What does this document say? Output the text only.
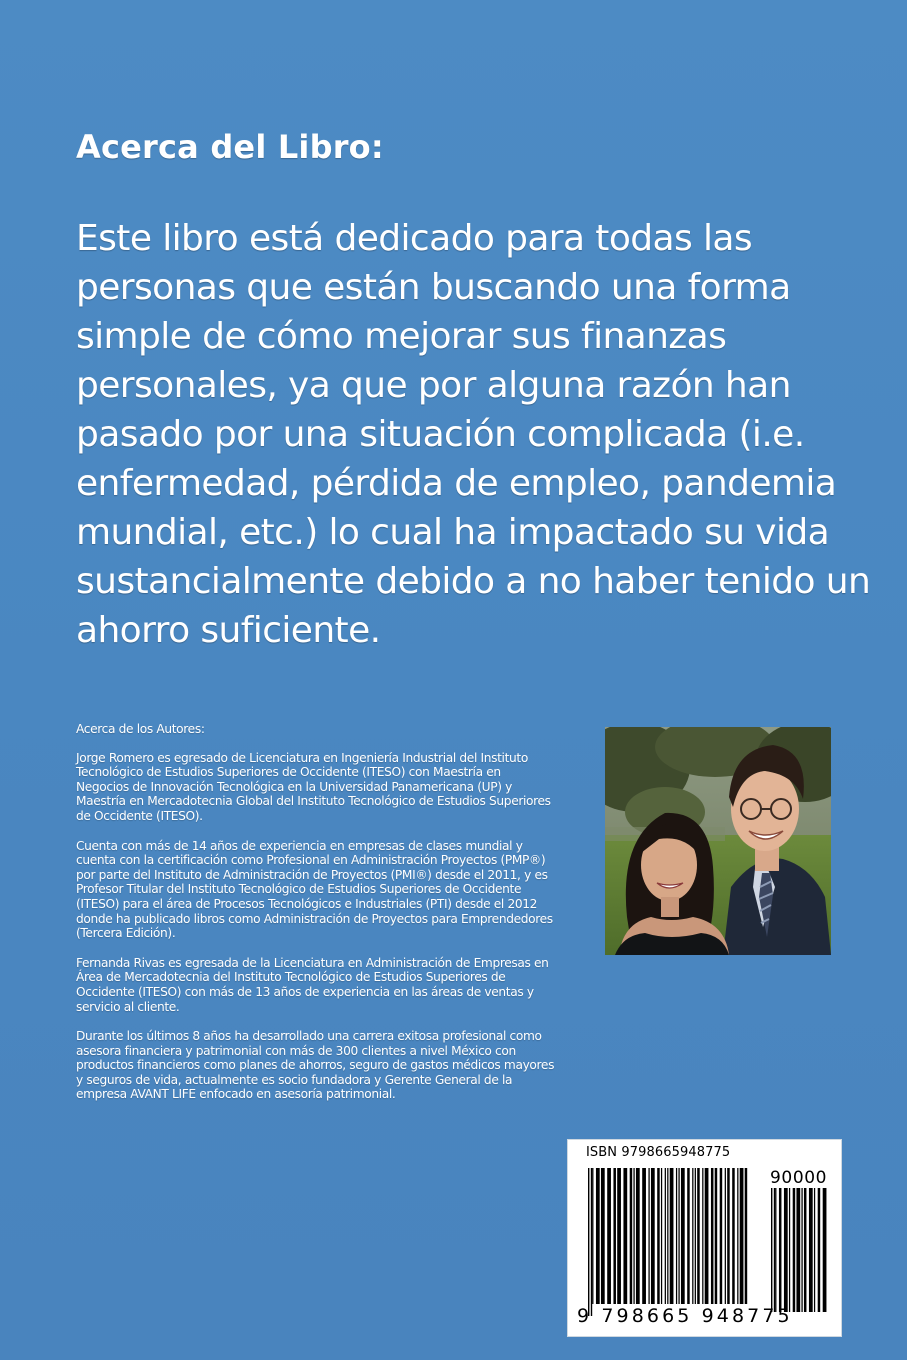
Acerca del Libro:
Este libro está dedicado para todas las personas que están buscando una forma simple de cómo mejorar sus finanzas personales, ya que por alguna razón han pasado por una situación complicada (i.e. enfermedad, pérdida de empleo, pandemia mundial, etc.) lo cual ha impactado su vida sustancialmente debido a no haber tenido un ahorro suficiente.

Acerca de los Autores:

Jorge Romero es egresado de Licenciatura en Ingeniería Industrial del Instituto Tecnológico de Estudios Superiores de Occidente (ITESO) con Maestría en Negocios de Innovación Tecnológica en la Universidad Panamericana (UP) y Maestría en Mercadotecnia Global del Instituto Tecnológico de Estudios Superiores de Occidente (ITESO).

Cuenta con más de 14 años de experiencia en empresas de clases mundial y cuenta con la certificación como Profesional en Administración Proyectos (PMP®) por parte del Instituto de Administración de Proyectos (PMI®) desde el 2011, y es Profesor Titular del Instituto Tecnológico de Estudios Superiores de Occidente (ITESO) para el área de Procesos Tecnológicos e Industriales (PTI) desde el 2012 donde ha publicado libros como Administración de Proyectos para Emprendedores (Tercera Edición).

Fernanda Rivas es egresada de la Licenciatura en Administración de Empresas en Área de Mercadotecnia del Instituto Tecnológico de Estudios Superiores de Occidente (ITESO) con más de 13 años de experiencia en las áreas de ventas y servicio al cliente.

Durante los últimos 8 años ha desarrollado una carrera exitosa profesional como asesora financiera y patrimonial con más de 300 clientes a nivel México con productos financieros como planes de ahorros, seguro de gastos médicos mayores y seguros de vida, actualmente es socio fundadora y Gerente General de la empresa AVANT LIFE enfocado en asesoría patrimonial.

ISBN 9798665948775
90000
9 798665 948775
